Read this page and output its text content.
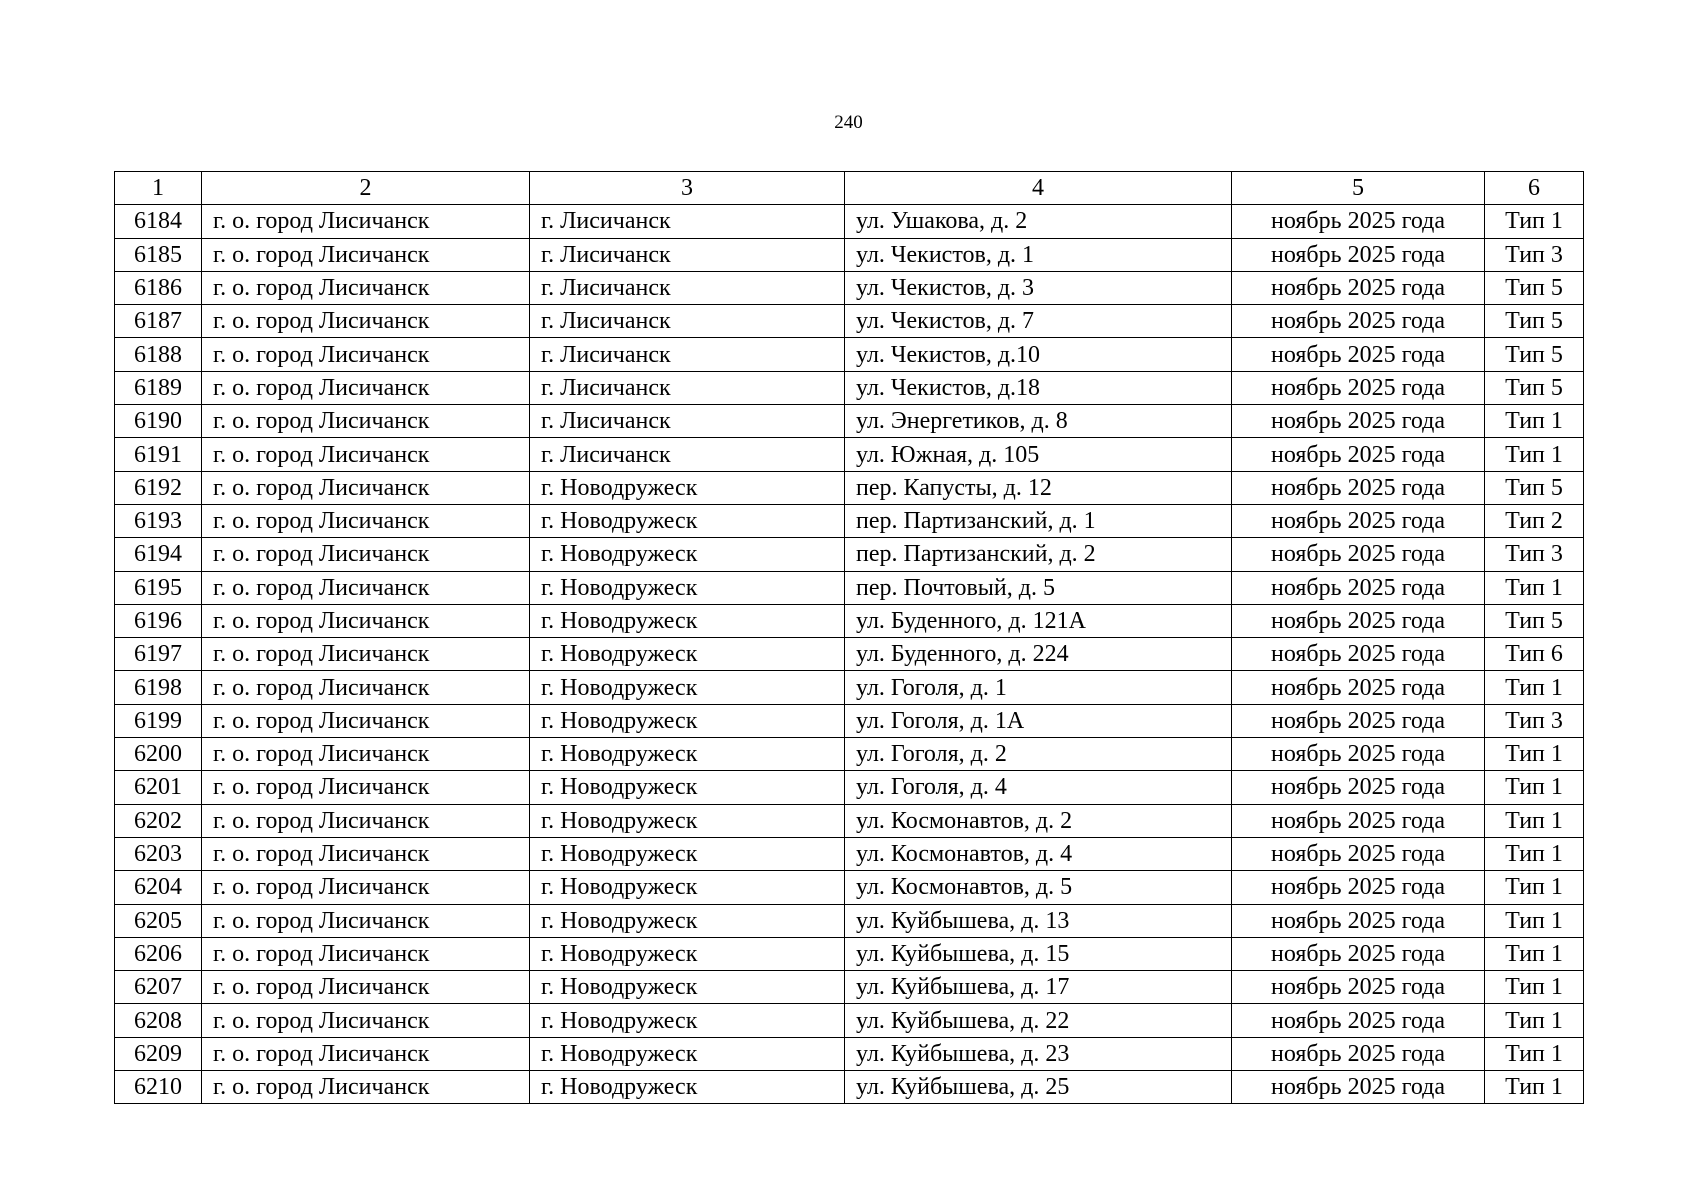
240
1	2	3	4	5	6
6184	г. о. город Лисичанск	г. Лисичанск	ул. Ушакова, д. 2	ноябрь 2025 года	Тип 1
6185	г. о. город Лисичанск	г. Лисичанск	ул. Чекистов, д. 1	ноябрь 2025 года	Тип 3
6186	г. о. город Лисичанск	г. Лисичанск	ул. Чекистов, д. 3	ноябрь 2025 года	Тип 5
6187	г. о. город Лисичанск	г. Лисичанск	ул. Чекистов, д. 7	ноябрь 2025 года	Тип 5
6188	г. о. город Лисичанск	г. Лисичанск	ул. Чекистов, д.10	ноябрь 2025 года	Тип 5
6189	г. о. город Лисичанск	г. Лисичанск	ул. Чекистов, д.18	ноябрь 2025 года	Тип 5
6190	г. о. город Лисичанск	г. Лисичанск	ул. Энергетиков, д. 8	ноябрь 2025 года	Тип 1
6191	г. о. город Лисичанск	г. Лисичанск	ул. Южная, д. 105	ноябрь 2025 года	Тип 1
6192	г. о. город Лисичанск	г. Новодружеск	пер. Капусты, д. 12	ноябрь 2025 года	Тип 5
6193	г. о. город Лисичанск	г. Новодружеск	пер. Партизанский, д. 1	ноябрь 2025 года	Тип 2
6194	г. о. город Лисичанск	г. Новодружеск	пер. Партизанский, д. 2	ноябрь 2025 года	Тип 3
6195	г. о. город Лисичанск	г. Новодружеск	пер. Почтовый, д. 5	ноябрь 2025 года	Тип 1
6196	г. о. город Лисичанск	г. Новодружеск	ул. Буденного, д. 121А	ноябрь 2025 года	Тип 5
6197	г. о. город Лисичанск	г. Новодружеск	ул. Буденного, д. 224	ноябрь 2025 года	Тип 6
6198	г. о. город Лисичанск	г. Новодружеск	ул. Гоголя, д. 1	ноябрь 2025 года	Тип 1
6199	г. о. город Лисичанск	г. Новодружеск	ул. Гоголя, д. 1А	ноябрь 2025 года	Тип 3
6200	г. о. город Лисичанск	г. Новодружеск	ул. Гоголя, д. 2	ноябрь 2025 года	Тип 1
6201	г. о. город Лисичанск	г. Новодружеск	ул. Гоголя, д. 4	ноябрь 2025 года	Тип 1
6202	г. о. город Лисичанск	г. Новодружеск	ул. Космонавтов, д. 2	ноябрь 2025 года	Тип 1
6203	г. о. город Лисичанск	г. Новодружеск	ул. Космонавтов, д. 4	ноябрь 2025 года	Тип 1
6204	г. о. город Лисичанск	г. Новодружеск	ул. Космонавтов, д. 5	ноябрь 2025 года	Тип 1
6205	г. о. город Лисичанск	г. Новодружеск	ул. Куйбышева, д. 13	ноябрь 2025 года	Тип 1
6206	г. о. город Лисичанск	г. Новодружеск	ул. Куйбышева, д. 15	ноябрь 2025 года	Тип 1
6207	г. о. город Лисичанск	г. Новодружеск	ул. Куйбышева, д. 17	ноябрь 2025 года	Тип 1
6208	г. о. город Лисичанск	г. Новодружеск	ул. Куйбышева, д. 22	ноябрь 2025 года	Тип 1
6209	г. о. город Лисичанск	г. Новодружеск	ул. Куйбышева, д. 23	ноябрь 2025 года	Тип 1
6210	г. о. город Лисичанск	г. Новодружеск	ул. Куйбышева, д. 25	ноябрь 2025 года	Тип 1
